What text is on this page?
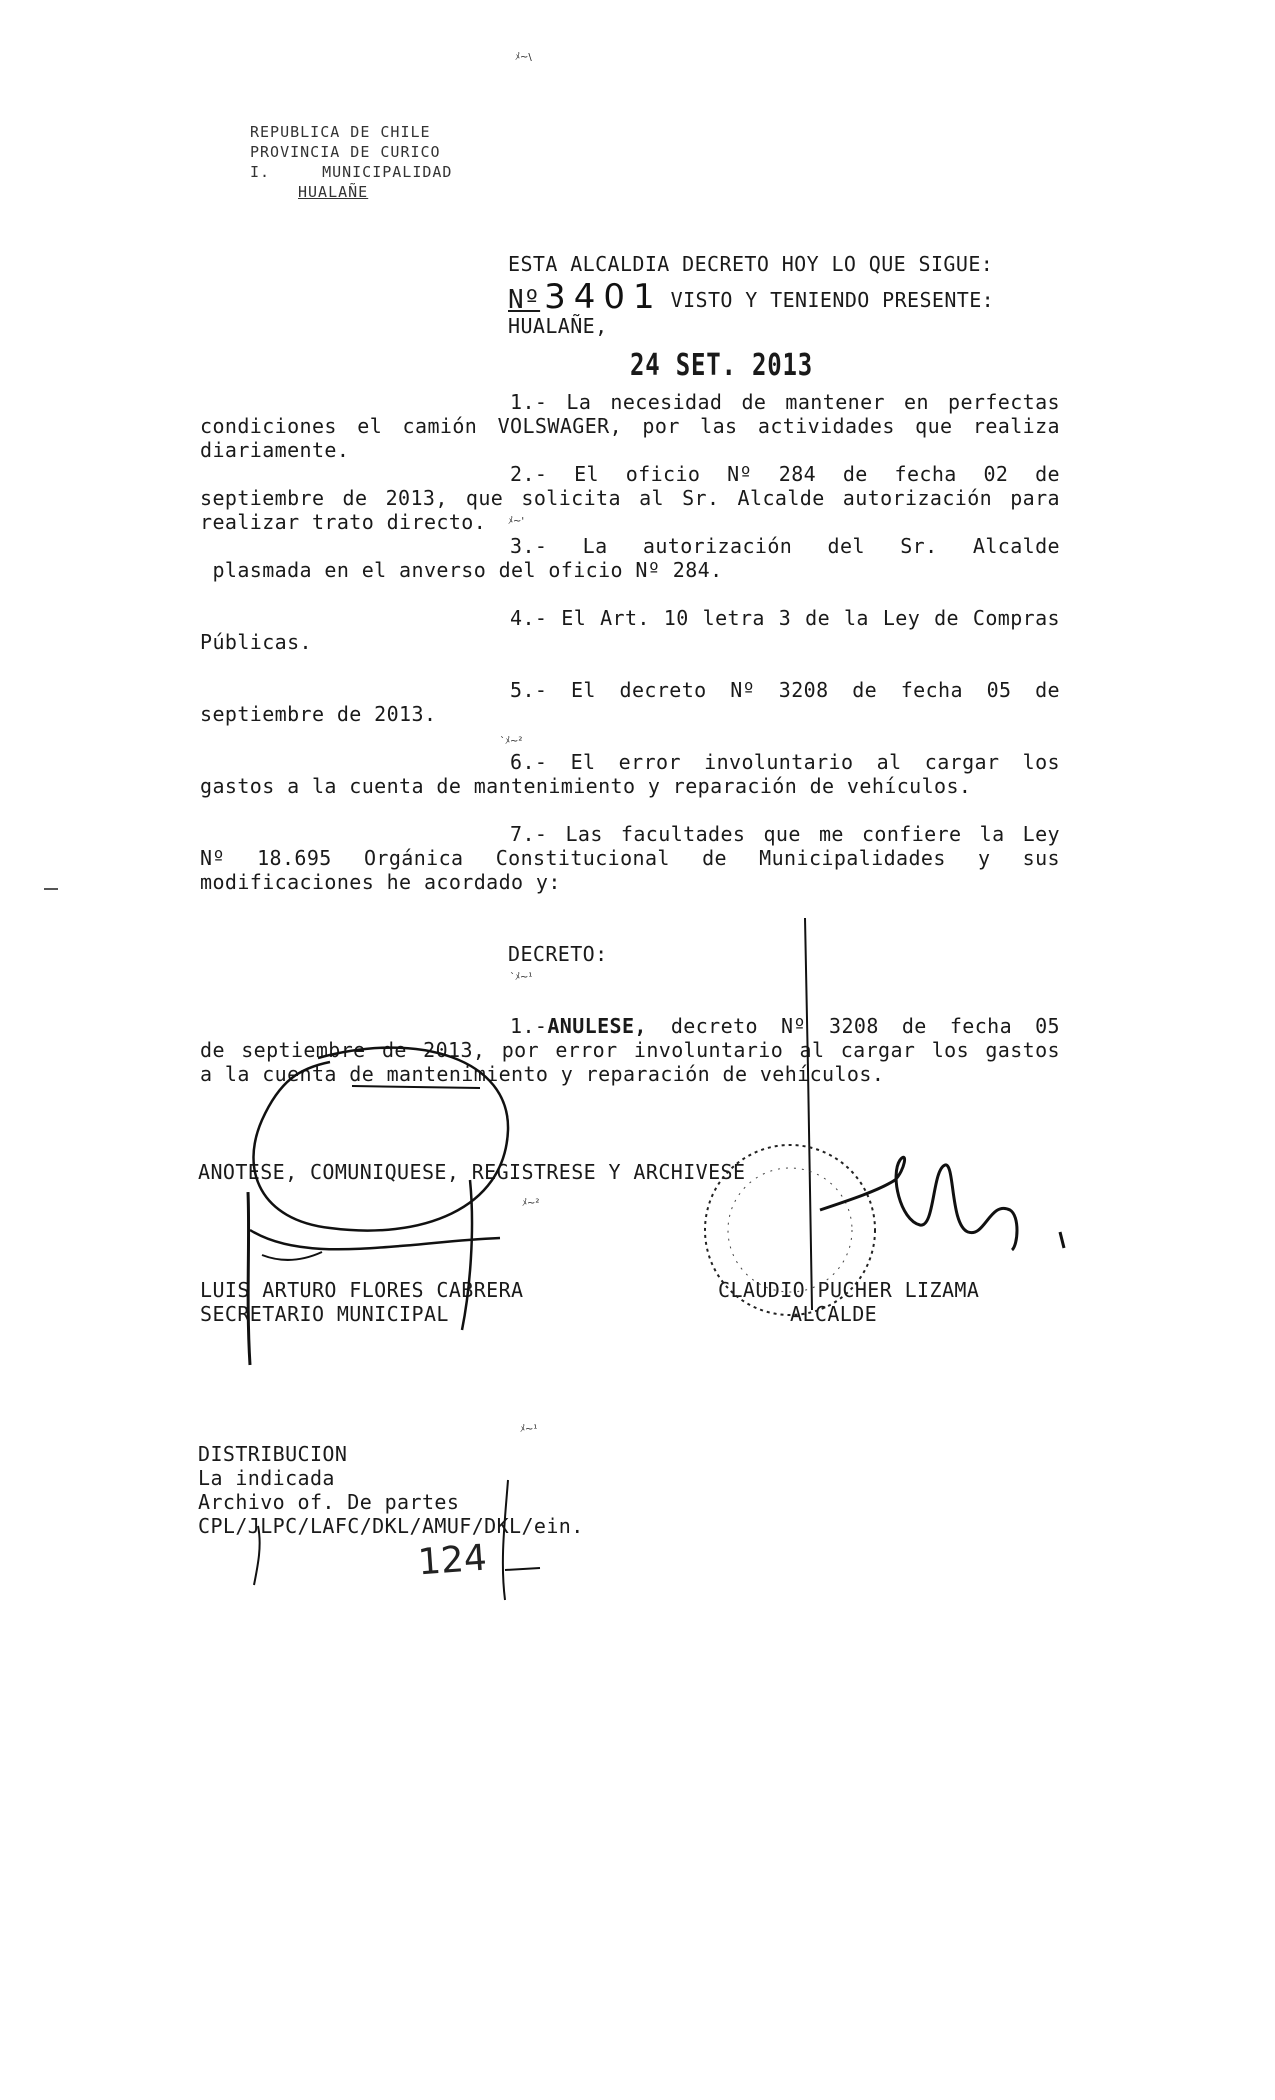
ﾒ~\
REPUBLICA DE CHILE
PROVINCIA DE CURICO
I.	MUNICIPALIDAD
HUALAÑE
ESTA ALCALDIA DECRETO HOY LO QUE SIGUE:
Nº 3401 VISTO Y TENIENDO PRESENTE:
HUALAÑE,
24 SET. 2013
1.- La necesidad de mantener en perfectas
condiciones el camión VOLSWAGER, por las actividades que realiza
diariamente.
2.- El oficio Nº 284 de fecha 02 de
septiembre de 2013, que solicita al Sr. Alcalde autorización para
realizar trato directo. ﾒ~'
3.- La autorización del Sr. Alcalde
plasmada en el anverso del oficio Nº 284.
4.- El Art. 10 letra 3 de la Ley de Compras
Públicas.
5.- El decreto Nº 3208 de fecha 05 de
septiembre de 2013.
`ﾒ~²
6.- El error involuntario al cargar los
gastos a la cuenta de mantenimiento y reparación de vehículos.
7.- Las facultades que me confiere la Ley
Nº 18.695 Orgánica Constitucional de Municipalidades y sus
modificaciones he acordado y:
DECRETO:
`ﾒ~¹
1.- ANULESE, decreto Nº 3208 de fecha 05
de septiembre de 2013, por error involuntario al cargar los gastos
a la cuenta de mantenimiento y reparación de vehículos.
ANOTESE, COMUNIQUESE, REGISTRESE Y ARCHIVESE
ﾒ~²
LUIS ARTURO FLORES CABRERA
SECRETARIO MUNICIPAL
CLAUDIO PUCHER LIZAMA
ALCALDE
ﾒ~¹
DISTRIBUCION
La indicada
Archivo of. De partes
CPL/JLPC/LAFC/DKL/AMUF/DKL/ein.
124
